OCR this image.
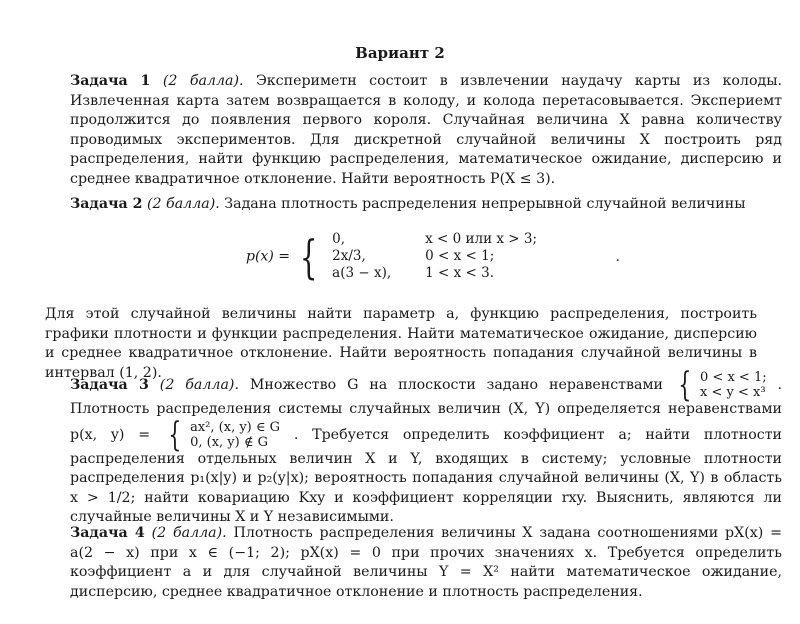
Вариант 2
Задача 1 (2 балла). Эксперимeтн состоит в извлечении наудачу карты из колоды. Извлеченная карта затем возвращается в колоду, и колода перетасовывается. Экспериeмт продолжится до появления первого короля. Случайная величина X равна количеству проводимых экспериментов. Для дискретной случайной величины X построить ряд распределения, найти функцию распределения, математическое ожидание, дисперсию и среднее квадратичное отклонение. Найти вероятность P(X ≤ 3).
Задача 2 (2 балла). Задана плотность распределения непрерывной случайной величины
p(x) = { 0,	x < 0 или x > 3;
2x/3,	0 < x < 1;
a(3 − x),	1 < x < 3. .
Для этой случайной величины найти параметр a, функцию распределения, построить графики плотности и функции распределения. Найти математическое ожидание, дисперсию и среднее квадратичное отклонение. Найти вероятность попадания случайной величины в интервал (1, 2).
Задача 3 (2 балла). Множество G на плоскости задано неравенствами { 0 < x < 1;
x < y < x³ . Плотность распределения системы случайных величин (X, Y) определяется неравенствами p(x, y) = { ax², (x, y) ∈ G
0, (x, y) ∉ G . Требуется определить коэффициент a; найти плотности распределения отдельных величин X и Y, входящих в систему; условные плотности распределения p₁(x|y) и p₂(y|x); вероятность попадания случайной величины (X, Y) в область x > 1/2; найти ковариацию Kxy и коэффициент корреляции rxy. Выяснить, являются ли случайные величины X и Y независимыми.
Задача 4 (2 балла). Плотность распределения величины X задана соотношениями pX(x) = a(2 − x) при x ∈ (−1; 2); pX(x) = 0 при прочих значениях x. Требуется определить коэффициент a и для случайной величины Y = X² найти математическое ожидание, дисперсию, среднее квадратичное отклонение и плотность распределения.
